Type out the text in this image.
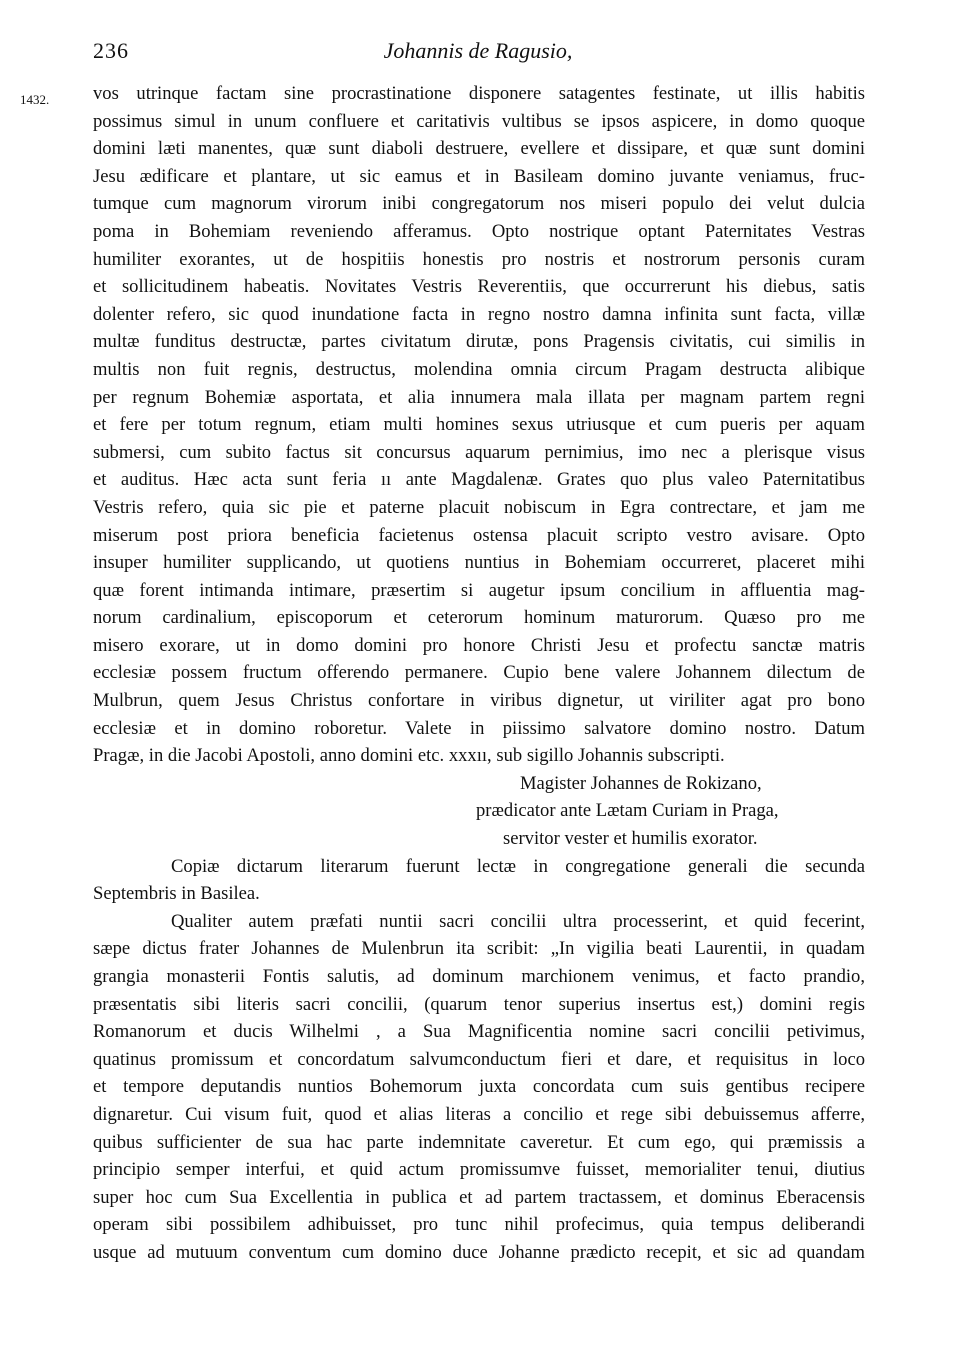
236	Johannis de Ragusio,
1432. vos utrinque factam sine procrastinatione disponere satagentes festinate, ut illis habitis
possimus simul in unum confluere et caritativis vultibus se ipsos aspicere, in domo quoque
domini læti manentes, quæ sunt diaboli destruere, evellere et dissipare, et quæ sunt domini
Jesu ædificare et plantare, ut sic eamus et in Basileam domino juvante veniamus, fruc-
tumque cum magnorum virorum inibi congregatorum nos miseri populo dei velut dulcia
poma in Bohemiam reveniendo afferamus. Opto nostrique optant Paternitates Vestras
humiliter exorantes, ut de hospitiis honestis pro nostris et nostrorum personis curam
et sollicitudinem habeatis. Novitates Vestris Reverentiis, que occurrerunt his diebus, satis
dolenter refero, sic quod inundatione facta in regno nostro damna infinita sunt facta, villæ
multæ funditus destructæ, partes civitatum dirutæ, pons Pragensis civitatis, cui similis in
multis non fuit regnis, destructus, molendina omnia circum Pragam destructa alibique
per regnum Bohemiæ asportata, et alia innumera mala illata per magnam partem regni
et fere per totum regnum, etiam multi homines sexus utriusque et cum pueris per aquam
submersi, cum subito factus sit concursus aquarum pernimius, imo nec a plerisque visus
et auditus. Hæc acta sunt feria ıı ante Magdalenæ. Grates quo plus valeo Paternitatibus
Vestris refero, quia sic pie et paterne placuit nobiscum in Egra contrectare, et jam me
miserum post priora beneficia facietenus ostensa placuit scripto vestro avisare. Opto
insuper humiliter supplicando, ut quotiens nuntius in Bohemiam occurreret, placeret mihi
quæ forent intimanda intimare, præsertim si augetur ipsum concilium in affluentia mag-
norum cardinalium, episcoporum et ceterorum hominum maturorum. Quæso pro me
misero exorare, ut in domo domini pro honore Christi Jesu et profectu sanctæ matris
ecclesiæ possem fructum offerendo permanere. Cupio bene valere Johannem dilectum de
Mulbrun, quem Jesus Christus confortare in viribus dignetur, ut viriliter agat pro bono
ecclesiæ et in domino roboretur. Valete in piissimo salvatore domino nostro. Datum
Pragæ, in die Jacobi Apostoli, anno domini etc. xxxıı, sub sigillo Johannis subscripti.
Magister Johannes de Rokizano,
prædicator ante Lætam Curiam in Praga,
servitor vester et humilis exorator.
Copiæ dictarum literarum fuerunt lectæ in congregatione generali die secunda
Septembris in Basilea.
Qualiter autem præfati nuntii sacri concilii ultra processerint, et quid fecerint,
sæpe dictus frater Johannes de Mulenbrun ita scribit: „In vigilia beati Laurentii, in quadam
grangia monasterii Fontis salutis, ad dominum marchionem venimus, et facto prandio,
præsentatis sibi literis sacri concilii, (quarum tenor superius insertus est,) domini regis
Romanorum et ducis Wilhelmi , a Sua Magnificentia nomine sacri concilii petivimus,
quatinus promissum et concordatum salvumconductum fieri et dare, et requisitus in loco
et tempore deputandis nuntios Bohemorum juxta concordata cum suis gentibus recipere
dignaretur. Cui visum fuit, quod et alias literas a concilio et rege sibi debuissemus afferre,
quibus sufficienter de sua hac parte indemnitate caveretur. Et cum ego, qui præmissis a
principio semper interfui, et quid actum promissumve fuisset, memorialiter tenui, diutius
super hoc cum Sua Excellentia in publica et ad partem tractassem, et dominus Eberacensis
operam sibi possibilem adhibuisset, pro tunc nihil profecimus, quia tempus deliberandi
usque ad mutuum conventum cum domino duce Johanne prædicto recepit, et sic ad quandam
